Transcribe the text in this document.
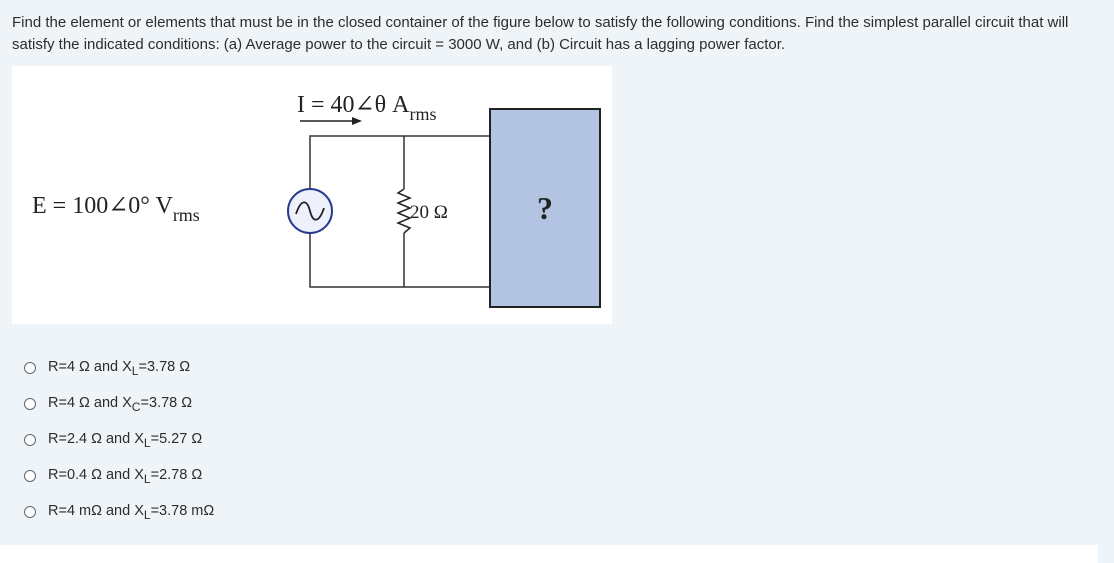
Find the element or elements that must be in the closed container of the figure below to satisfy the following conditions. Find the simplest parallel circuit that will satisfy the indicated conditions: (a) Average power to the circuit = 3000 W, and (b) Circuit has a lagging power factor.
I = 40∠θ $A_{rms}$
E = 100∠0° $V_{rms}$	20 Ω	?
R=4 Ω and $X_L=3.78$ Ω
R=4 Ω and $X_C=3.78$ Ω
R=2.4 Ω and $X_L=5.27$ Ω
R=0.4 Ω and $X_L=2.78$ Ω
R=4 mΩ and $X_L=3.78$ mΩ
